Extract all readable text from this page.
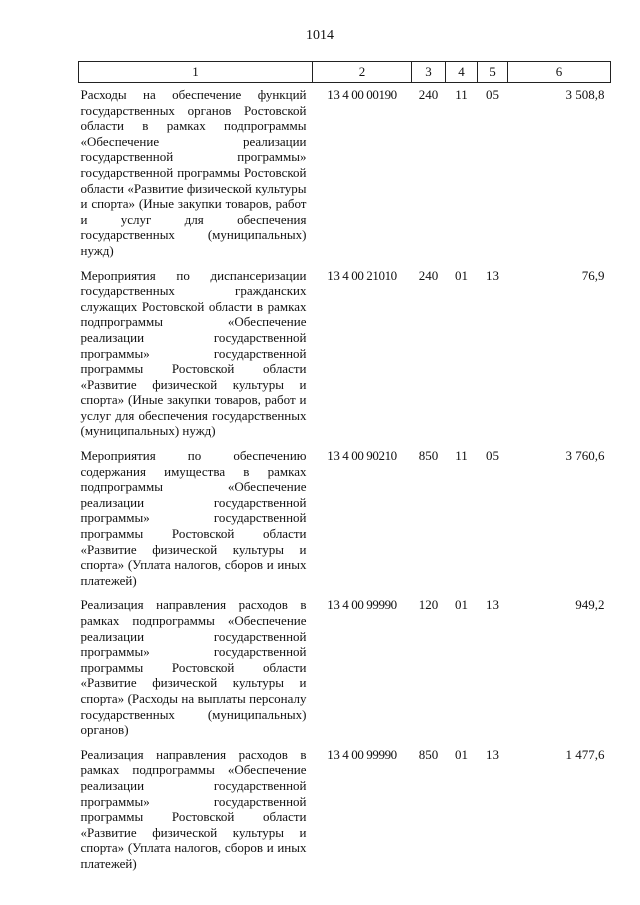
1014
1	2	3	4	5	6
Расходы на обеспечение функций государственных органов Ростовской области в рамках подпрограммы «Обеспечение реализации государственной программы» государственной программы Ростовской области «Развитие физической культуры и спорта» (Иные закупки товаров, работ и услуг для обеспечения государственных (муниципальных) нужд)	13 4 00 00190	240	11	05	3 508,8
Мероприятия по диспансеризации государственных гражданских служащих Ростовской области в рамках подпрограммы «Обеспечение реализации государственной программы» государственной программы Ростовской области «Развитие физической культуры и спорта» (Иные закупки товаров, работ и услуг для обеспечения государственных (муниципальных) нужд)	13 4 00 21010	240	01	13	76,9
Мероприятия по обеспечению содержания имущества в рамках подпрограммы «Обеспечение реализации государственной программы» государственной программы Ростовской области «Развитие физической культуры и спорта» (Уплата налогов, сборов и иных платежей)	13 4 00 90210	850	11	05	3 760,6
Реализация направления расходов в рамках подпрограммы «Обеспечение реализации государственной программы» государственной программы Ростовской области «Развитие физической культуры и спорта» (Расходы на выплаты персоналу государственных (муниципальных) органов)	13 4 00 99990	120	01	13	949,2
Реализация направления расходов в рамках подпрограммы «Обеспечение реализации государственной программы» государственной программы Ростовской области «Развитие физической культуры и спорта» (Уплата налогов, сборов и иных платежей)	13 4 00 99990	850	01	13	1 477,6
